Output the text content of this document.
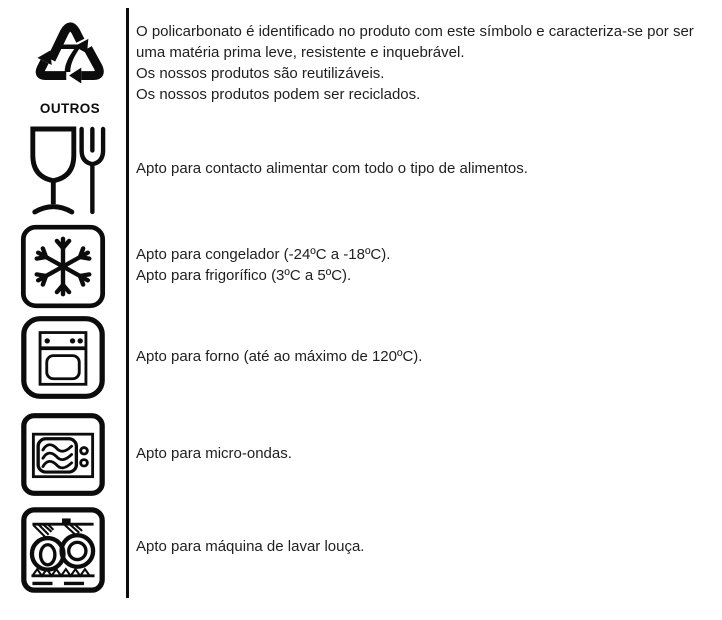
7
OUTROS
O policarbonato é identificado no produto com este símbolo e caracteriza-se por ser uma matéria prima leve, resistente e inquebrável.
Os nossos produtos são reutilizáveis.
Os nossos produtos podem ser reciclados.
Apto para contacto alimentar com todo o tipo de alimentos.
Apto para congelador (-24ºC a -18ºC).
Apto para frigorífico (3ºC a 5ºC).
Apto para forno (até ao máximo de 120ºC).
Apto para micro-ondas.
Apto para máquina de lavar louça.
